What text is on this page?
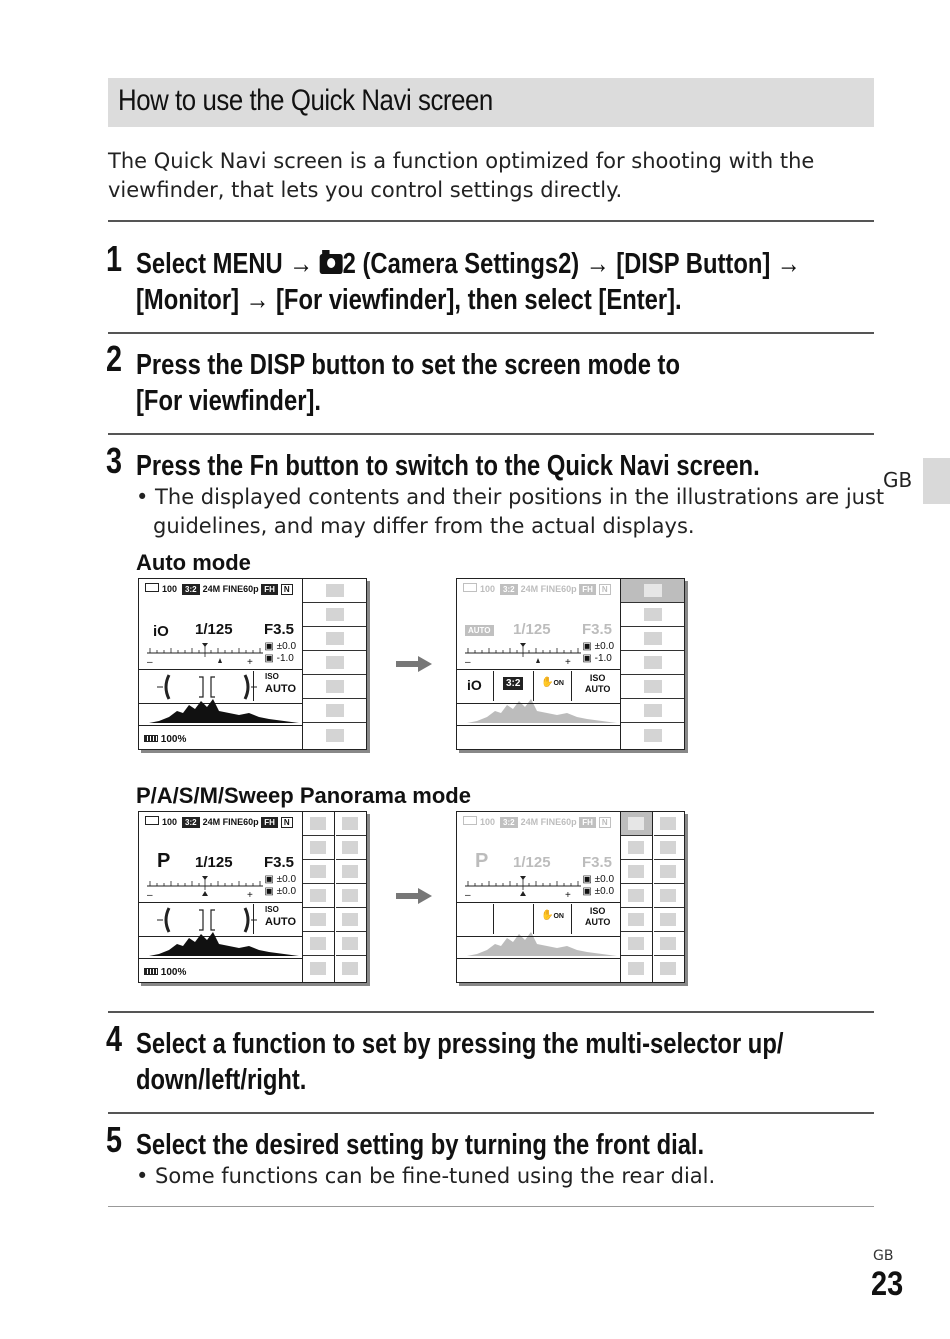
How to use the Quick Navi screen

The Quick Navi screen is a function optimized for shooting with the viewfinder, that lets you control settings directly.

1 Select MENU → 2 (Camera Settings2) → [DISP Button] →
[Monitor] → [For viewfinder], then select [Enter].
2 Press the DISP button to set the screen mode to
[For viewfinder].
3 Press the Fn button to switch to the Quick Navi screen.
• The displayed contents and their positions in the illustrations are just
guidelines, and may differ from the actual displays.
GB
Auto mode
100 3:2 24M FINE60p FH N
iO 1/125 F3.5
–	+
▣ ±0.0
▣ -1.0
ISO
AUTO
100%
100 3:2 24M FINE60p FH N
AUTO	1/125 F3.5
–	+
▣ ±0.0
▣ -1.0
iO	3:2	✋ON
ISO
AUTO
P/A/S/M/Sweep Panorama mode
100 3:2 24M FINE60p FH N
P 1/125 F3.5
–	+
▣ ±0.0
▣ ±0.0
ISO
AUTO
100%
100 3:2 24M FINE60p FH N
P 1/125 F3.5
–	+
▣ ±0.0
▣ ±0.0
✋ON
ISO
AUTO
4 Select a function to set by pressing the multi-selector up/
down/left/right.
5 Select the desired setting by turning the front dial.
• Some functions can be fine-tuned using the rear dial.
GB
23
